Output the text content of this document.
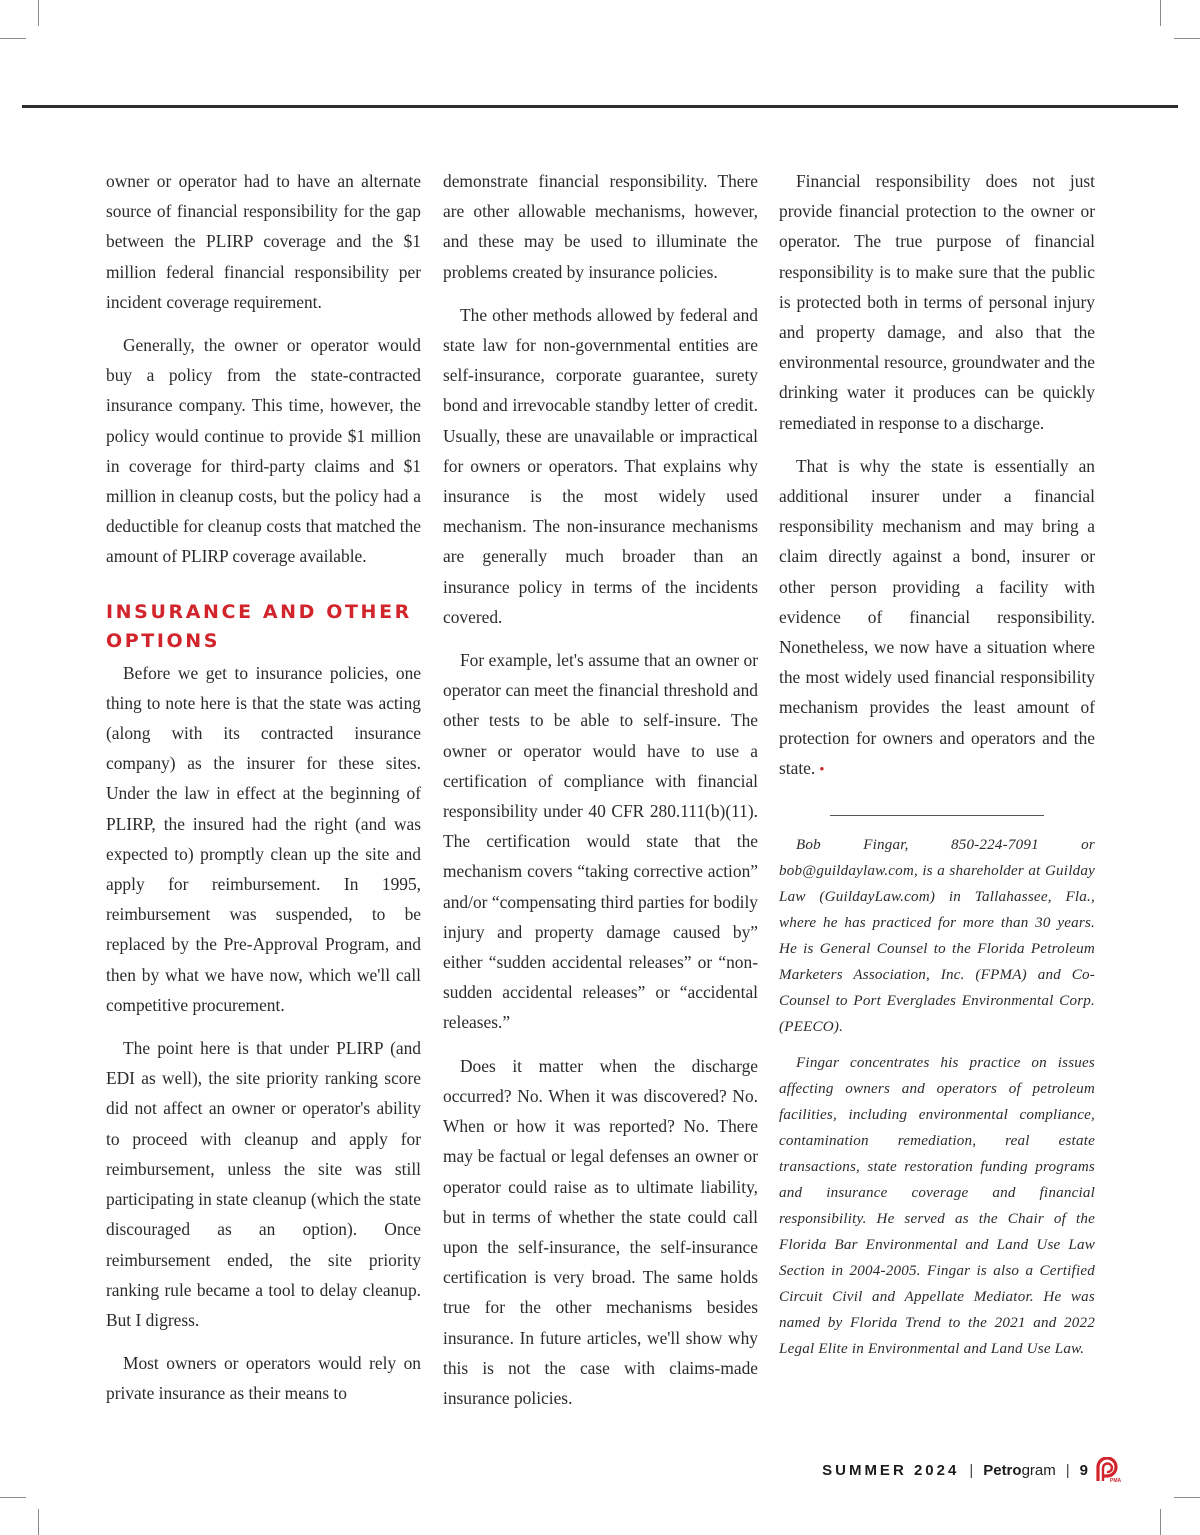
owner or operator had to have an alternate source of financial responsibility for the gap between the PLIRP coverage and the $1 million federal financial responsibility per incident coverage requirement.

Generally, the owner or operator would buy a policy from the state-contracted insurance company. This time, however, the policy would continue to provide $1 million in coverage for third-party claims and $1 million in cleanup costs, but the policy had a deductible for cleanup costs that matched the amount of PLIRP coverage available.

INSURANCE AND OTHER OPTIONS

Before we get to insurance policies, one thing to note here is that the state was acting (along with its contracted insurance company) as the insurer for these sites. Under the law in effect at the beginning of PLIRP, the insured had the right (and was expected to) promptly clean up the site and apply for reimbursement. In 1995, reimbursement was suspended, to be replaced by the Pre-Approval Program, and then by what we have now, which we'll call competitive procurement.

The point here is that under PLIRP (and EDI as well), the site priority ranking score did not affect an owner or operator's ability to proceed with cleanup and apply for reimbursement, unless the site was still participating in state cleanup (which the state discouraged as an option). Once reimbursement ended, the site priority ranking rule became a tool to delay cleanup. But I digress.

Most owners or operators would rely on private insurance as their means to

demonstrate financial responsibility. There are other allowable mechanisms, however, and these may be used to illuminate the problems created by insurance policies.

The other methods allowed by federal and state law for non-governmental entities are self-insurance, corporate guarantee, surety bond and irrevocable standby letter of credit. Usually, these are unavailable or impractical for owners or operators. That explains why insurance is the most widely used mechanism. The non-insurance mechanisms are generally much broader than an insurance policy in terms of the incidents covered.

For example, let's assume that an owner or operator can meet the financial threshold and other tests to be able to self-insure. The owner or operator would have to use a certification of compliance with financial responsibility under 40 CFR 280.111(b)(11). The certification would state that the mechanism covers “taking corrective action” and/or “compensating third parties for bodily injury and property damage caused by” either “sudden accidental releases” or “non-sudden accidental releases” or “accidental releases.”

Does it matter when the discharge occurred? No. When it was discovered? No. When or how it was reported? No. There may be factual or legal defenses an owner or operator could raise as to ultimate liability, but in terms of whether the state could call upon the self-insurance, the self-insurance certification is very broad. The same holds true for the other mechanisms besides insurance. In future articles, we'll show why this is not the case with claims-made insurance policies.

Financial responsibility does not just provide financial protection to the owner or operator. The true purpose of financial responsibility is to make sure that the public is protected both in terms of personal injury and property damage, and also that the environmental resource, groundwater and the drinking water it produces can be quickly remediated in response to a discharge.

That is why the state is essentially an additional insurer under a financial responsibility mechanism and may bring a claim directly against a bond, insurer or other person providing a facility with evidence of financial responsibility. Nonetheless, we now have a situation where the most widely used financial responsibility mechanism provides the least amount of protection for owners and operators and the state. •

Bob Fingar, 850-224-7091 or bob@guildaylaw.com, is a shareholder at Guilday Law (GuildayLaw.com) in Tallahassee, Fla., where he has practiced for more than 30 years. He is General Counsel to the Florida Petroleum Marketers Association, Inc. (FPMA) and Co-Counsel to Port Everglades Environmental Corp. (PEECO).

Fingar concentrates his practice on issues affecting owners and operators of petroleum facilities, including environmental compliance, contamination remediation, real estate transactions, state restoration funding programs and insurance coverage and financial responsibility. He served as the Chair of the Florida Bar Environmental and Land Use Law Section in 2004-2005. Fingar is also a Certified Circuit Civil and Appellate Mediator. He was named by Florida Trend to the 2021 and 2022 Legal Elite in Environmental and Land Use Law.

SUMMER 2024 | Petrogram | 9
PMA
